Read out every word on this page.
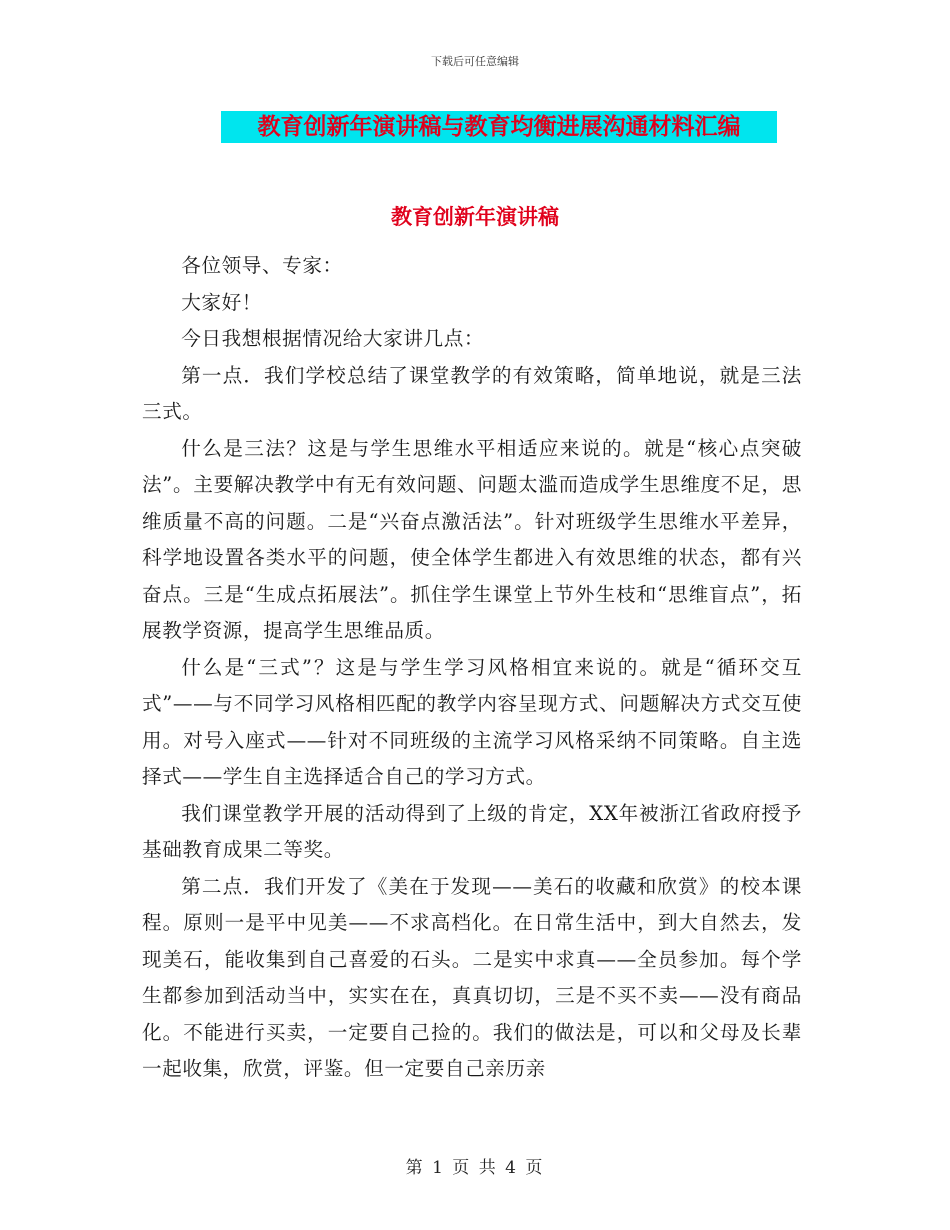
下载后可任意编辑
教育创新年演讲稿与教育均衡进展沟通材料汇编
教育创新年演讲稿

各位领导、专家：

大家好！

今日我想根据情况给大家讲几点：

第一点．我们学校总结了课堂教学的有效策略，简单地说，就是三法三式。

什么是三法？这是与学生思维水平相适应来说的。就是“核心点突破法”。主要解决教学中有无有效问题、问题太滥而造成学生思维度不足，思维质量不高的问题。二是“兴奋点激活法”。针对班级学生思维水平差异，科学地设置各类水平的问题，使全体学生都进入有效思维的状态，都有兴奋点。三是“生成点拓展法”。抓住学生课堂上节外生枝和“思维盲点”，拓展教学资源，提高学生思维品质。

什么是“三式”？这是与学生学习风格相宜来说的。就是“循环交互式”——与不同学习风格相匹配的教学内容呈现方式、问题解决方式交互使用。对号入座式——针对不同班级的主流学习风格采纳不同策略。自主选择式——学生自主选择适合自己的学习方式。

我们课堂教学开展的活动得到了上级的肯定，XX年被浙江省政府授予基础教育成果二等奖。

第二点．我们开发了《美在于发现——美石的收藏和欣赏》的校本课程。原则一是平中见美——不求高档化。在日常生活中，到大自然去，发现美石，能收集到自己喜爱的石头。二是实中求真——全员参加。每个学生都参加到活动当中，实实在在，真真切切，三是不买不卖——没有商品化。不能进行买卖，一定要自己捡的。我们的做法是，可以和父母及长辈一起收集，欣赏，评鉴。但一定要自己亲历亲

第 1 页 共 4 页
